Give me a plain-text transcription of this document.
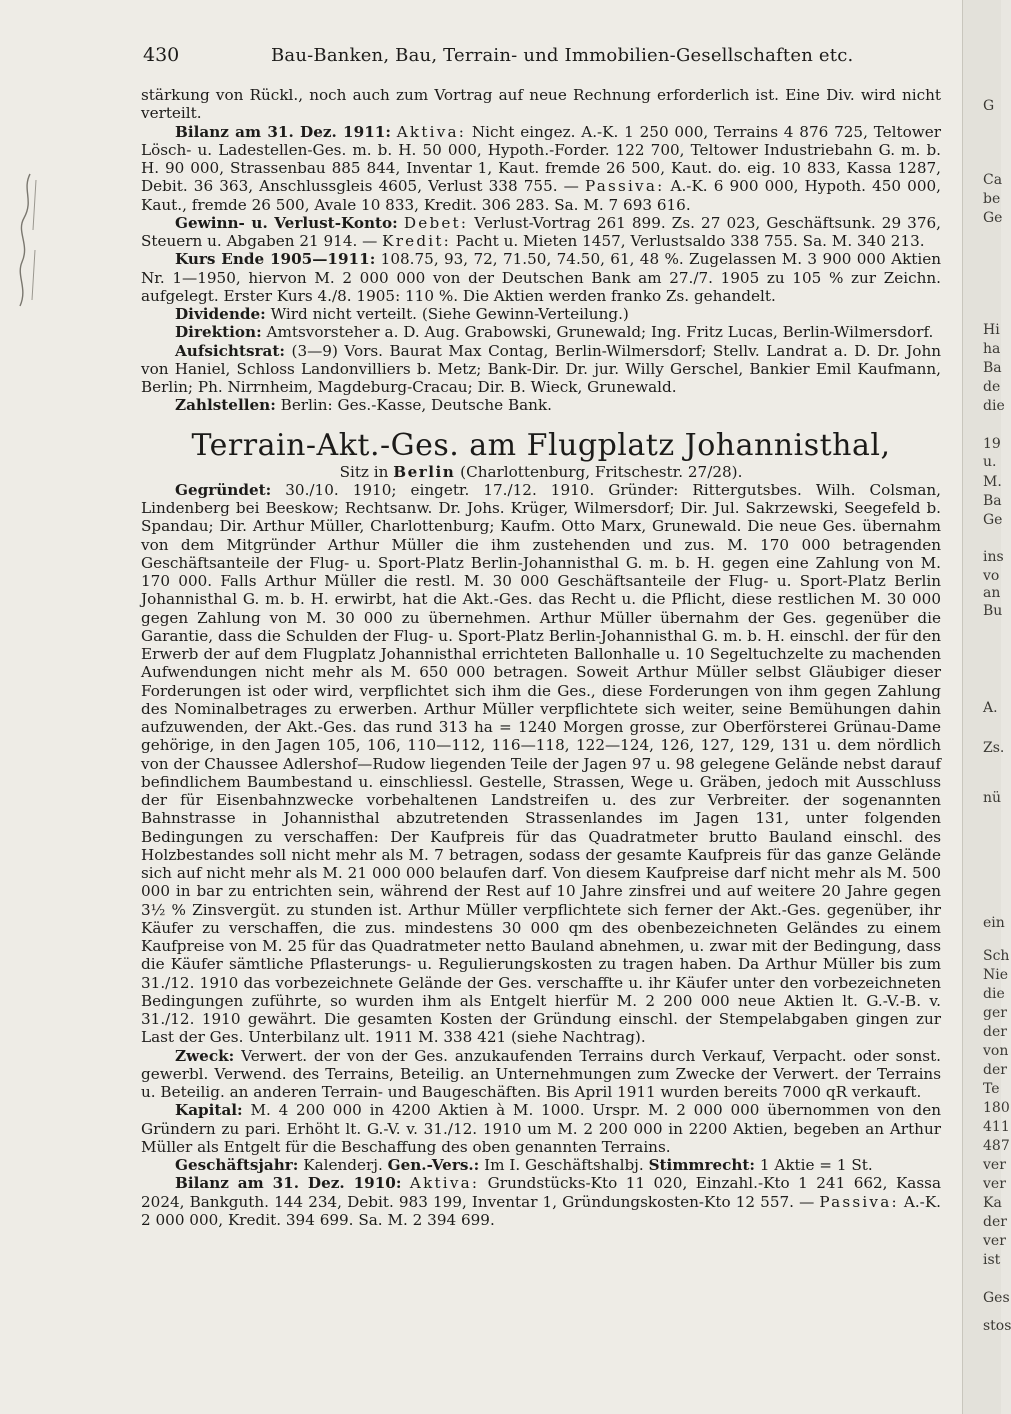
430	Bau-Banken, Bau, Terrain- und Immobilien-Gesellschaften etc.

stärkung von Rückl., noch auch zum Vortrag auf neue Rechnung erforderlich ist. Eine Div. wird nicht verteilt.

Bilanz am 31. Dez. 1911: Aktiva: Nicht eingez. A.-K. 1 250 000, Terrains 4 876 725, Teltower Lösch- u. Ladestellen-Ges. m. b. H. 50 000, Hypoth.-Forder. 122 700, Teltower Industriebahn G. m. b. H. 90 000, Strassenbau 885 844, Inventar 1, Kaut. fremde 26 500, Kaut. do. eig. 10 833, Kassa 1287, Debit. 36 363, Anschlussgleis 4605, Verlust 338 755. — Passiva: A.-K. 6 900 000, Hypoth. 450 000, Kaut., fremde 26 500, Avale 10 833, Kredit. 306 283. Sa. M. 7 693 616.

Gewinn- u. Verlust-Konto: Debet: Verlust-Vortrag 261 899. Zs. 27 023, Geschäftsunk. 29 376, Steuern u. Abgaben 21 914. — Kredit: Pacht u. Mieten 1457, Verlustsaldo 338 755. Sa. M. 340 213.

Kurs Ende 1905—1911: 108.75, 93, 72, 71.50, 74.50, 61, 48 %. Zugelassen M. 3 900 000 Aktien Nr. 1—1950, hiervon M. 2 000 000 von der Deutschen Bank am 27./7. 1905 zu 105 % zur Zeichn. aufgelegt. Erster Kurs 4./8. 1905: 110 %. Die Aktien werden franko Zs. gehandelt.

Dividende: Wird nicht verteilt. (Siehe Gewinn-Verteilung.)

Direktion: Amtsvorsteher a. D. Aug. Grabowski, Grunewald; Ing. Fritz Lucas, Berlin-Wilmersdorf.

Aufsichtsrat: (3—9) Vors. Baurat Max Contag, Berlin-Wilmersdorf; Stellv. Landrat a. D. Dr. John von Haniel, Schloss Landonvilliers b. Metz; Bank-Dir. Dr. jur. Willy Gerschel, Bankier Emil Kaufmann, Berlin; Ph. Nirrnheim, Magdeburg-Cracau; Dir. B. Wieck, Grunewald.

Zahlstellen: Berlin: Ges.-Kasse, Deutsche Bank.

Terrain-Akt.-Ges. am Flugplatz Johannisthal,

Sitz in Berlin (Charlottenburg, Fritschestr. 27/28).

Gegründet: 30./10. 1910; eingetr. 17./12. 1910. Gründer: Rittergutsbes. Wilh. Colsman, Lindenberg bei Beeskow; Rechtsanw. Dr. Johs. Krüger, Wilmersdorf; Dir. Jul. Sakrzewski, Seegefeld b. Spandau; Dir. Arthur Müller, Charlottenburg; Kaufm. Otto Marx, Grunewald. Die neue Ges. übernahm von dem Mitgründer Arthur Müller die ihm zustehenden und zus. M. 170 000 betragenden Geschäftsanteile der Flug- u. Sport-Platz Berlin-Johannisthal G. m. b. H. gegen eine Zahlung von M. 170 000. Falls Arthur Müller die restl. M. 30 000 Geschäftsanteile der Flug- u. Sport-Platz Berlin Johannisthal G. m. b. H. erwirbt, hat die Akt.-Ges. das Recht u. die Pflicht, diese restlichen M. 30 000 gegen Zahlung von M. 30 000 zu übernehmen. Arthur Müller übernahm der Ges. gegenüber die Garantie, dass die Schulden der Flug- u. Sport-Platz Berlin-Johannisthal G. m. b. H. einschl. der für den Erwerb der auf dem Flugplatz Johannisthal errichteten Ballonhalle u. 10 Segeltuchzelte zu machenden Aufwendungen nicht mehr als M. 650 000 betragen. Soweit Arthur Müller selbst Gläubiger dieser Forderungen ist oder wird, verpflichtet sich ihm die Ges., diese Forderungen von ihm gegen Zahlung des Nominalbetrages zu erwerben. Arthur Müller verpflichtete sich weiter, seine Bemühungen dahin aufzuwenden, der Akt.-Ges. das rund 313 ha = 1240 Morgen grosse, zur Oberförsterei Grünau-Dame gehörige, in den Jagen 105, 106, 110—112, 116—118, 122—124, 126, 127, 129, 131 u. dem nördlich von der Chaussee Adlershof—Rudow liegenden Teile der Jagen 97 u. 98 gelegene Gelände nebst darauf befindlichem Baumbestand u. einschliessl. Gestelle, Strassen, Wege u. Gräben, jedoch mit Ausschluss der für Eisenbahnzwecke vorbehaltenen Landstreifen u. des zur Verbreiter. der sogenannten Bahnstrasse in Johannisthal abzutretenden Strassenlandes im Jagen 131, unter folgenden Bedingungen zu verschaffen: Der Kaufpreis für das Quadratmeter brutto Bauland einschl. des Holzbestandes soll nicht mehr als M. 7 betragen, sodass der gesamte Kaufpreis für das ganze Gelände sich auf nicht mehr als M. 21 000 000 belaufen darf. Von diesem Kaufpreise darf nicht mehr als M. 500 000 in bar zu entrichten sein, während der Rest auf 10 Jahre zinsfrei und auf weitere 20 Jahre gegen 3½ % Zinsvergüt. zu stunden ist. Arthur Müller verpflichtete sich ferner der Akt.-Ges. gegenüber, ihr Käufer zu verschaffen, die zus. mindestens 30 000 qm des obenbezeichneten Geländes zu einem Kaufpreise von M. 25 für das Quadratmeter netto Bauland abnehmen, u. zwar mit der Bedingung, dass die Käufer sämtliche Pflasterungs- u. Regulierungskosten zu tragen haben. Da Arthur Müller bis zum 31./12. 1910 das vorbezeichnete Gelände der Ges. verschaffte u. ihr Käufer unter den vorbezeichneten Bedingungen zuführte, so wurden ihm als Entgelt hierfür M. 2 200 000 neue Aktien lt. G.-V.-B. v. 31./12. 1910 gewährt. Die gesamten Kosten der Gründung einschl. der Stempelabgaben gingen zur Last der Ges. Unterbilanz ult. 1911 M. 338 421 (siehe Nachtrag).

Zweck: Verwert. der von der Ges. anzukaufenden Terrains durch Verkauf, Verpacht. oder sonst. gewerbl. Verwend. des Terrains, Beteilig. an Unternehmungen zum Zwecke der Verwert. der Terrains u. Beteilig. an anderen Terrain- und Baugeschäften. Bis April 1911 wurden bereits 7000 qR verkauft.

Kapital: M. 4 200 000 in 4200 Aktien à M. 1000. Urspr. M. 2 000 000 übernommen von den Gründern zu pari. Erhöht lt. G.-V. v. 31./12. 1910 um M. 2 200 000 in 2200 Aktien, begeben an Arthur Müller als Entgelt für die Beschaffung des oben genannten Terrains.

Geschäftsjahr: Kalenderj. Gen.-Vers.: Im I. Geschäftshalbj. Stimmrecht: 1 Aktie = 1 St.

Bilanz am 31. Dez. 1910: Aktiva: Grundstücks-Kto 11 020, Einzahl.-Kto 1 241 662, Kassa 2024, Bankguth. 144 234, Debit. 983 199, Inventar 1, Gründungskosten-Kto 12 557. — Passiva: A.-K. 2 000 000, Kredit. 394 699. Sa. M. 2 394 699.

G
Ca
be
Ge
Hi
ha
Ba
de
die
19
u.
M.
Ba
Ge
ins
vo
an
Bu
A.
Zs.
nü
ein
Sch
Nie
die
ger
der
von
der
Te
180
411
487
ver
ver
Ka
der
ver
ist
Ges
stos
